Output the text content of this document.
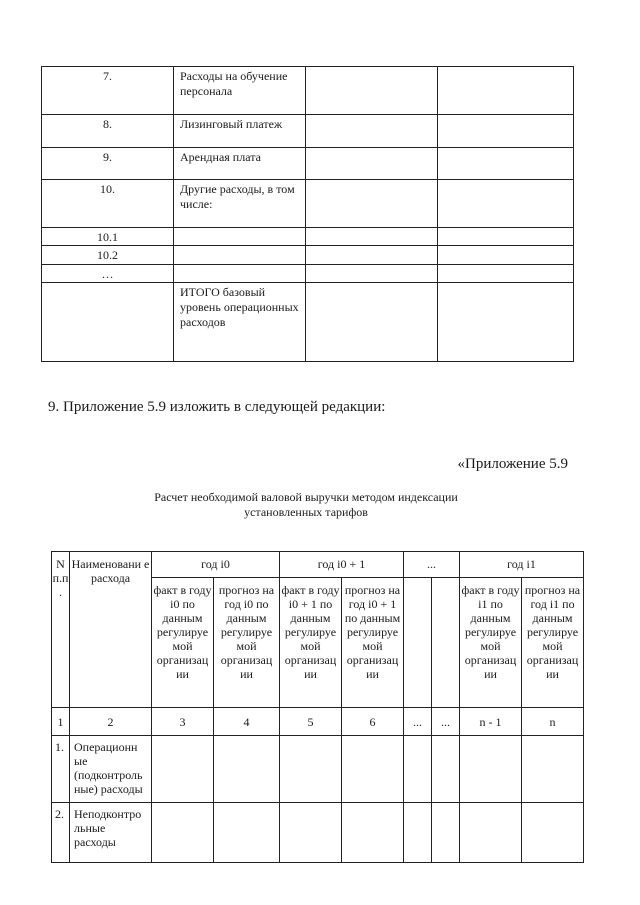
7.	Расходы на обучение персонала		
8.	Лизинговый платеж		
9.	Арендная плата		
10.	Другие расходы, в том числе:		
10.1			
10.2			
…			
	ИТОГО базовый уровень операционных расходов		

9. Приложение 5.9 изложить в следующей редакции:

«Приложение 5.9

Расчет необходимой валовой выручки методом индексации установленных тарифов
N п.п .	Наименовани е расхода	год i0		год i0 + 1		...		год i1	
		факт в году i0 по данным регулируе мой организац ии	прогноз на год i0 по данным регулируе мой организац ии	факт в году i0 + 1 по данным регулируе мой организац ии	прогноз на год i0 + 1 по данным регулируе мой организац ии			факт в году i1 по данным регулируе мой организац ии	прогноз на год i1 по данным регулируе мой организац ии
1	2	3	4	5	6	...	...	n - 1	n
1.	Операционн ые (подконтроль ные) расходы								
2.	Неподконтро льные расходы								
